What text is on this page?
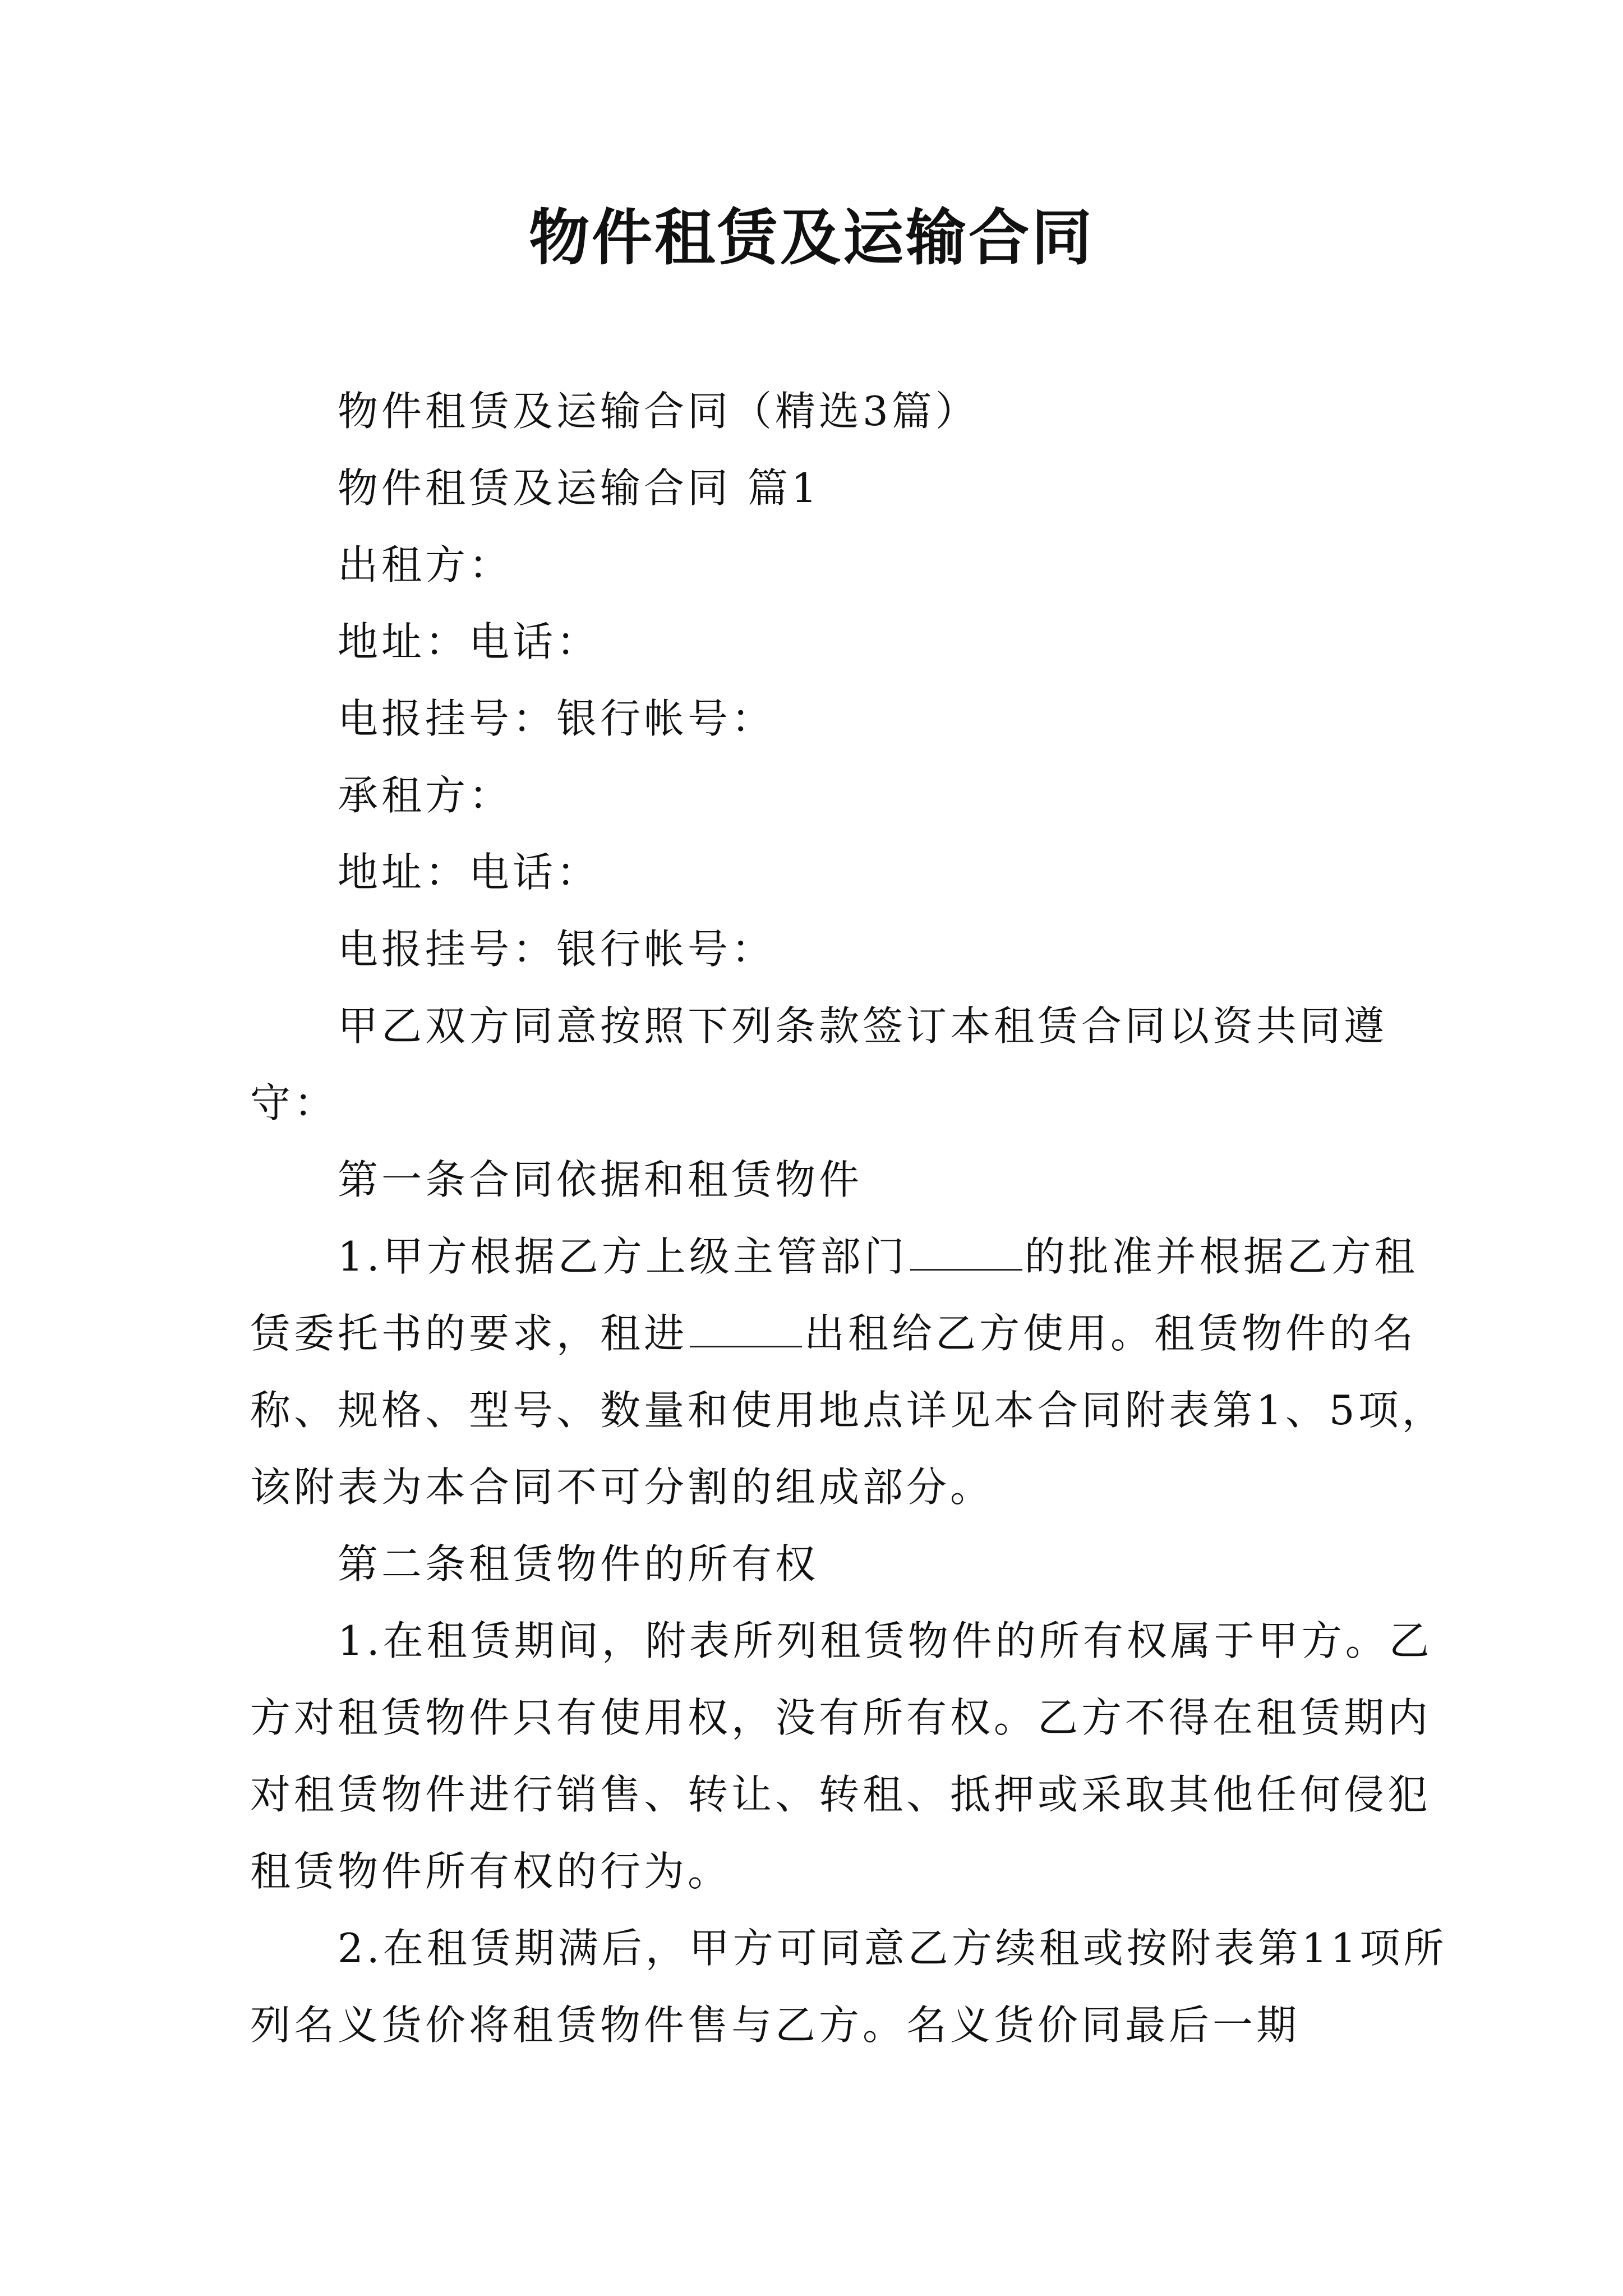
物件租赁及运输合同

物件租赁及运输合同（精选3篇）

物件租赁及运输合同 篇1

出租方：

地址：电话：

电报挂号：银行帐号：

承租方：

地址：电话：

电报挂号：银行帐号：

甲乙双方同意按照下列条款签订本租赁合同以资共同遵守：

第一条合同依据和租赁物件

1.甲方根据乙方上级主管部门	的批准并根据乙方租赁委托书的要求，租进	出租给乙方使用。租赁物件的名称、规格、型号、数量和使用地点详见本合同附表第1、5项，该附表为本合同不可分割的组成部分。

第二条租赁物件的所有权

1.在租赁期间，附表所列租赁物件的所有权属于甲方。乙方对租赁物件只有使用权，没有所有权。乙方不得在租赁期内对租赁物件进行销售、转让、转租、抵押或采取其他任何侵犯租赁物件所有权的行为。

2.在租赁期满后，甲方可同意乙方续租或按附表第11项所列名义货价将租赁物件售与乙方。名义货价同最后一期
